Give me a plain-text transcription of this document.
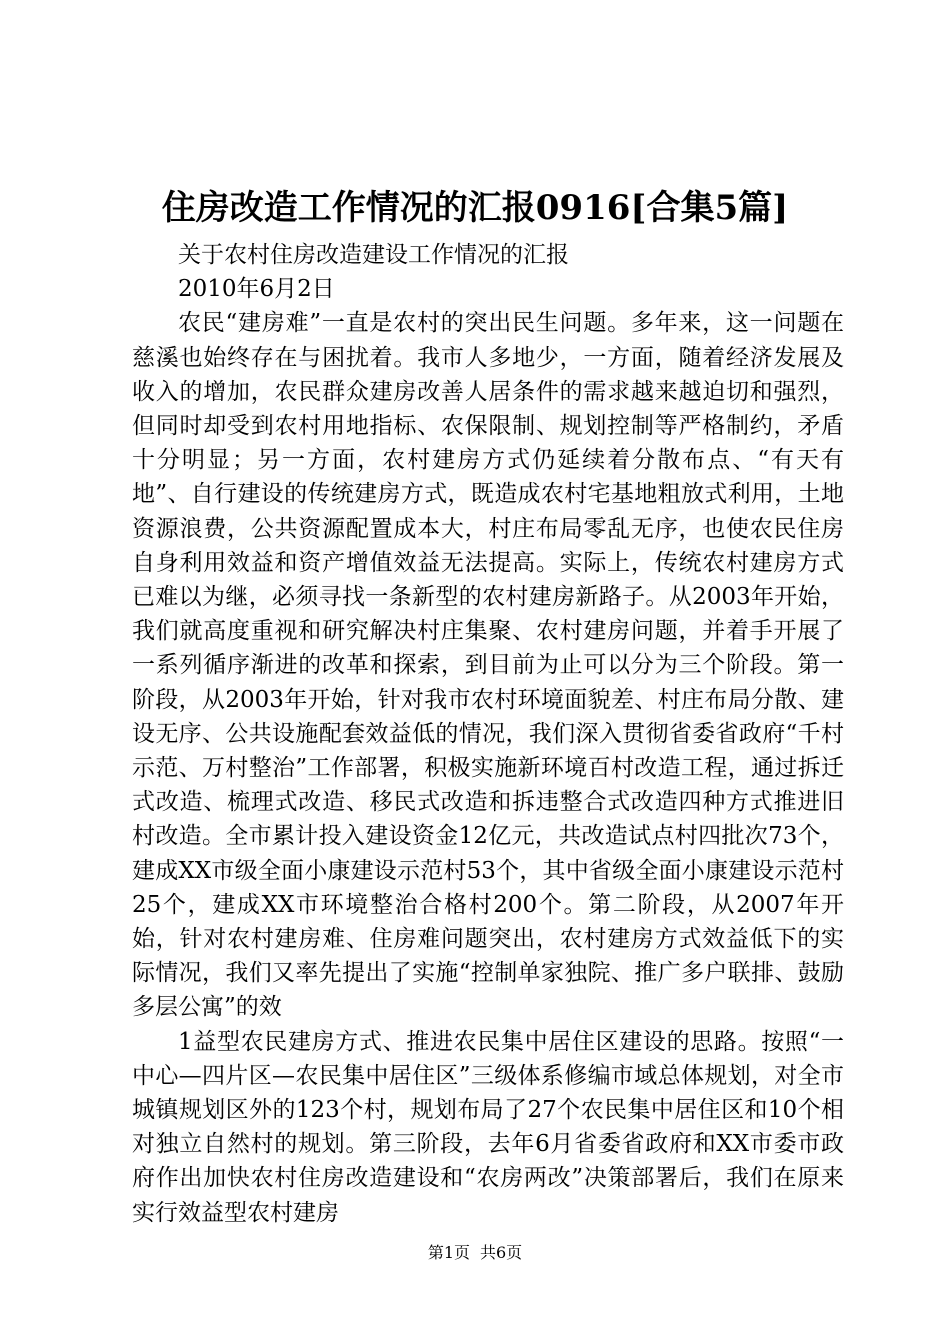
住房改造工作情况的汇报0916[合集5篇]

关于农村住房改造建设工作情况的汇报

2010年6月2日

农民“建房难”一直是农村的突出民生问题。多年来，这一问题在慈溪也始终存在与困扰着。我市人多地少，一方面，随着经济发展及收入的增加，农民群众建房改善人居条件的需求越来越迫切和强烈，但同时却受到农村用地指标、农保限制、规划控制等严格制约，矛盾十分明显；另一方面，农村建房方式仍延续着分散布点、“有天有地”、自行建设的传统建房方式，既造成农村宅基地粗放式利用，土地资源浪费，公共资源配置成本大，村庄布局零乱无序，也使农民住房自身利用效益和资产增值效益无法提高。实际上，传统农村建房方式已难以为继，必须寻找一条新型的农村建房新路子。从2003年开始，我们就高度重视和研究解决村庄集聚、农村建房问题，并着手开展了一系列循序渐进的改革和探索，到目前为止可以分为三个阶段。第一阶段，从2003年开始，针对我市农村环境面貌差、村庄布局分散、建设无序、公共设施配套效益低的情况，我们深入贯彻省委省政府“千村示范、万村整治”工作部署，积极实施新环境百村改造工程，通过拆迁式改造、梳理式改造、移民式改造和拆违整合式改造四种方式推进旧村改造。全市累计投入建设资金12亿元，共改造试点村四批次73个，建成XX市级全面小康建设示范村53个，其中省级全面小康建设示范村25个，建成XX市环境整治合格村200个。第二阶段，从2007年开始，针对农村建房难、住房难问题突出，农村建房方式效益低下的实际情况，我们又率先提出了实施“控制单家独院、推广多户联排、鼓励多层公寓”的效

1益型农民建房方式、推进农民集中居住区建设的思路。按照“一中心—四片区—农民集中居住区”三级体系修编市域总体规划，对全市城镇规划区外的123个村，规划布局了27个农民集中居住区和10个相对独立自然村的规划。第三阶段，去年6月省委省政府和XX市委市政府作出加快农村住房改造建设和“农房两改”决策部署后，我们在原来实行效益型农村建房

第1页 共6页
